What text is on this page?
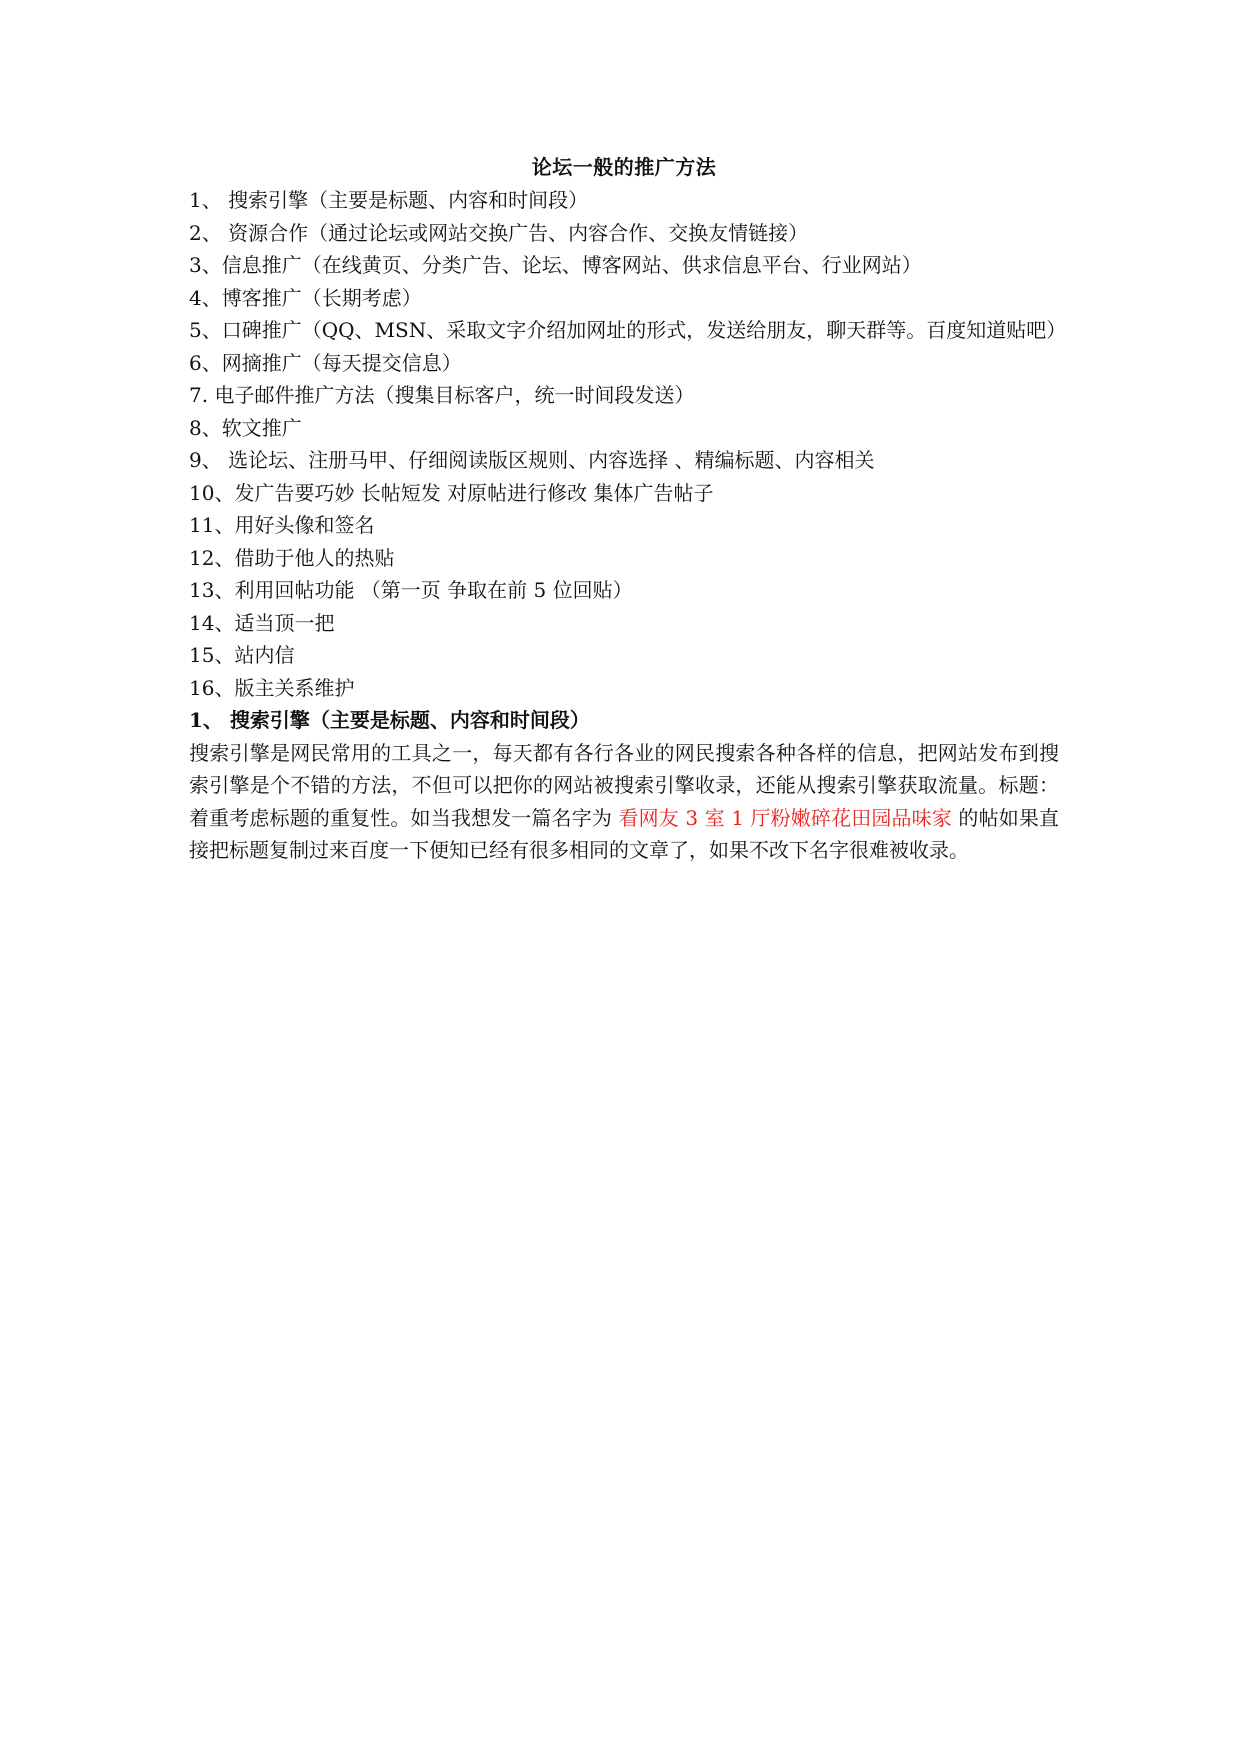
论坛一般的推广方法
1、 搜索引擎（主要是标题、内容和时间段）
2、 资源合作（通过论坛或网站交换广告、内容合作、交换友情链接）
3、信息推广（在线黄页、分类广告、论坛、博客网站、供求信息平台、行业网站）
4、博客推广（长期考虑）
5、口碑推广（QQ、MSN、采取文字介绍加网址的形式，发送给朋友，聊天群等。百度知道贴吧）
6、网摘推广（每天提交信息）
7. 电子邮件推广方法（搜集目标客户，统一时间段发送）
8、软文推广
9、 选论坛、注册马甲、仔细阅读版区规则、内容选择 、精编标题、内容相关
10、发广告要巧妙 长帖短发 对原帖进行修改 集体广告帖子
11、用好头像和签名
12、借助于他人的热贴
13、利用回帖功能 （第一页 争取在前 5 位回贴）
14、适当顶一把
15、站内信
16、版主关系维护
1、 搜索引擎（主要是标题、内容和时间段）

搜索引擎是网民常用的工具之一，每天都有各行各业的网民搜索各种各样的信息，把网站发布到搜索引擎是个不错的方法，不但可以把你的网站被搜索引擎收录，还能从搜索引擎获取流量。标题：着重考虑标题的重复性。如当我想发一篇名字为 看网友 3 室 1 厅粉嫩碎花田园品味家 的帖如果直接把标题复制过来百度一下便知已经有很多相同的文章了，如果不改下名字很难被收录。
